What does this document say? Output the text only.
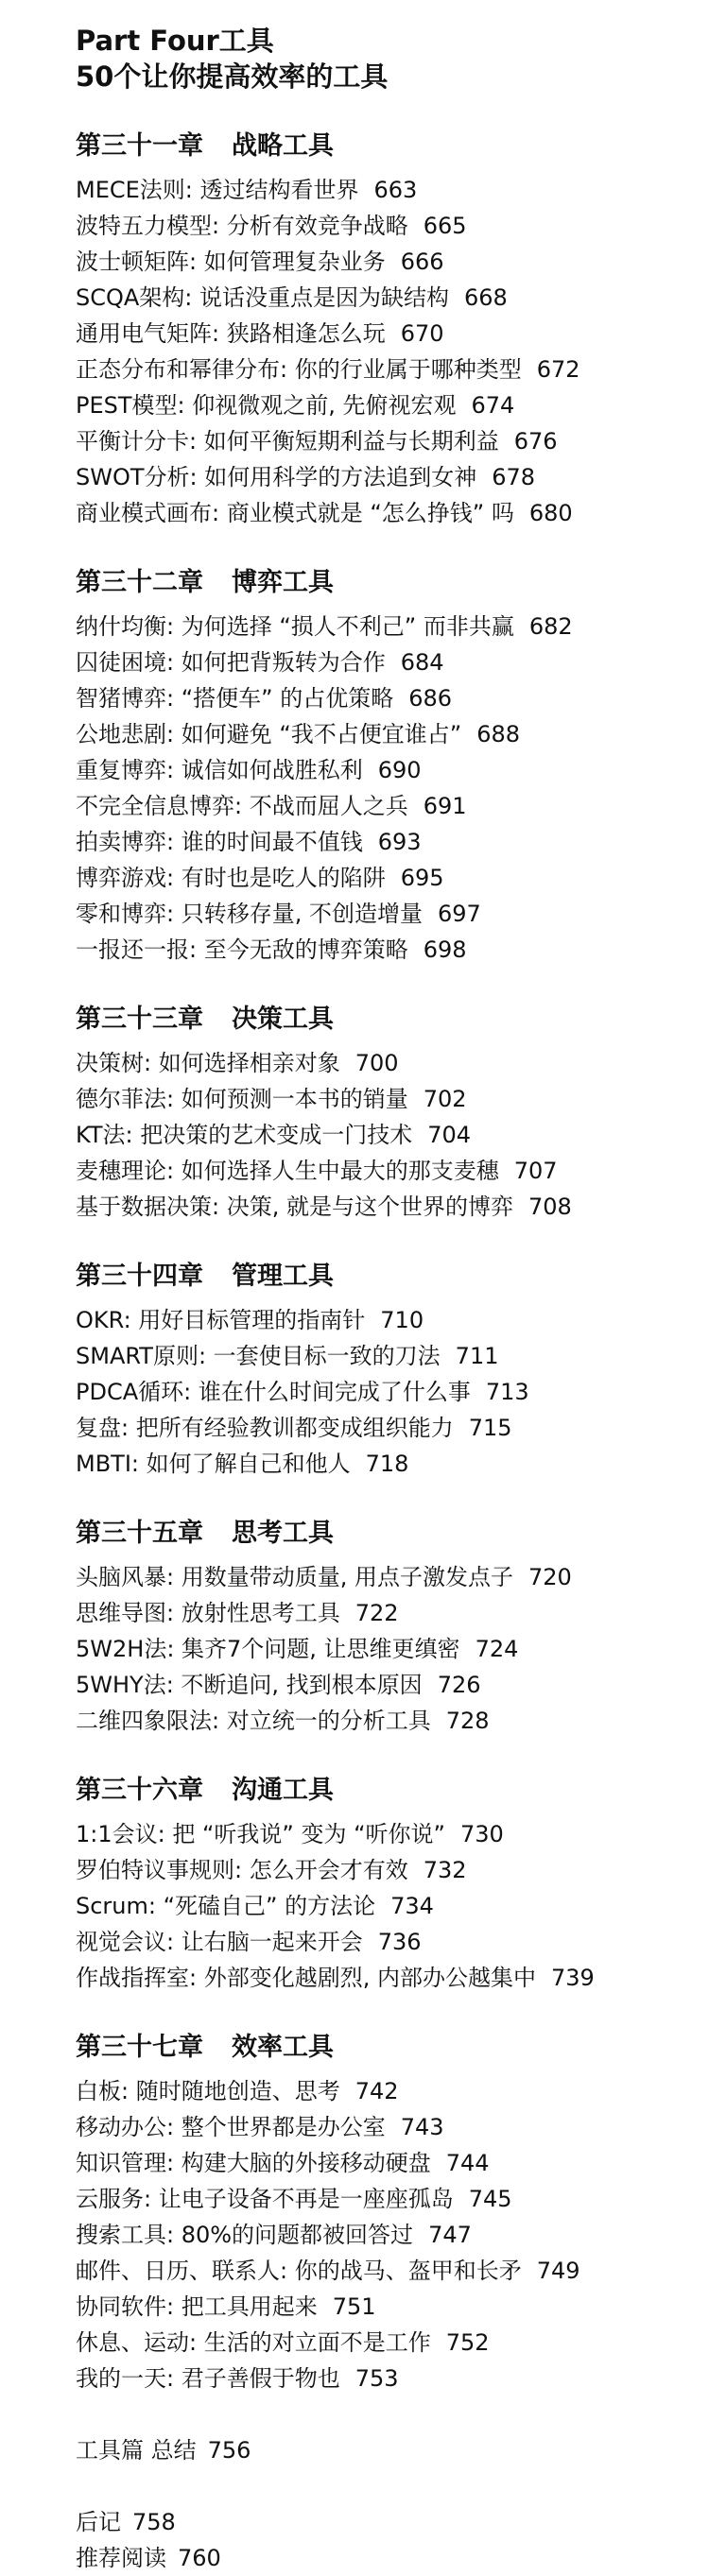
Part Four工具
50个让你提高效率的工具
第三十一章 战略工具
MECE法则: 透过结构看世界 663
波特五力模型: 分析有效竞争战略 665
波士顿矩阵: 如何管理复杂业务 666
SCQA架构: 说话没重点是因为缺结构 668
通用电气矩阵: 狭路相逢怎么玩 670
正态分布和幂律分布: 你的行业属于哪种类型 672
PEST模型: 仰视微观之前, 先俯视宏观 674
平衡计分卡: 如何平衡短期利益与长期利益 676
SWOT分析: 如何用科学的方法追到女神 678
商业模式画布: 商业模式就是 “怎么挣钱” 吗 680
第三十二章 博弈工具
纳什均衡: 为何选择 “损人不利己” 而非共赢 682
囚徒困境: 如何把背叛转为合作 684
智猪博弈: “搭便车” 的占优策略 686
公地悲剧: 如何避免 “我不占便宜谁占” 688
重复博弈: 诚信如何战胜私利 690
不完全信息博弈: 不战而屈人之兵 691
拍卖博弈: 谁的时间最不值钱 693
博弈游戏: 有时也是吃人的陷阱 695
零和博弈: 只转移存量, 不创造增量 697
一报还一报: 至今无敌的博弈策略 698
第三十三章 决策工具
决策树: 如何选择相亲对象 700
德尔菲法: 如何预测一本书的销量 702
KT法: 把决策的艺术变成一门技术 704
麦穗理论: 如何选择人生中最大的那支麦穗 707
基于数据决策: 决策, 就是与这个世界的博弈 708
第三十四章 管理工具
OKR: 用好目标管理的指南针 710
SMART原则: 一套使目标一致的刀法 711
PDCA循环: 谁在什么时间完成了什么事 713
复盘: 把所有经验教训都变成组织能力 715
MBTI: 如何了解自己和他人 718
第三十五章 思考工具
头脑风暴: 用数量带动质量, 用点子激发点子 720
思维导图: 放射性思考工具 722
5W2H法: 集齐7个问题, 让思维更缜密 724
5WHY法: 不断追问, 找到根本原因 726
二维四象限法: 对立统一的分析工具 728
第三十六章 沟通工具
1:1会议: 把 “听我说” 变为 “听你说” 730
罗伯特议事规则: 怎么开会才有效 732
Scrum: “死磕自己” 的方法论 734
视觉会议: 让右脑一起来开会 736
作战指挥室: 外部变化越剧烈, 内部办公越集中 739
第三十七章 效率工具
白板: 随时随地创造、思考 742
移动办公: 整个世界都是办公室 743
知识管理: 构建大脑的外接移动硬盘 744
云服务: 让电子设备不再是一座座孤岛 745
搜索工具: 80%的问题都被回答过 747
邮件、日历、联系人: 你的战马、盔甲和长矛 749
协同软件: 把工具用起来 751
休息、运动: 生活的对立面不是工作 752
我的一天: 君子善假于物也 753
工具篇 总结 756
后记 758
推荐阅读 760
